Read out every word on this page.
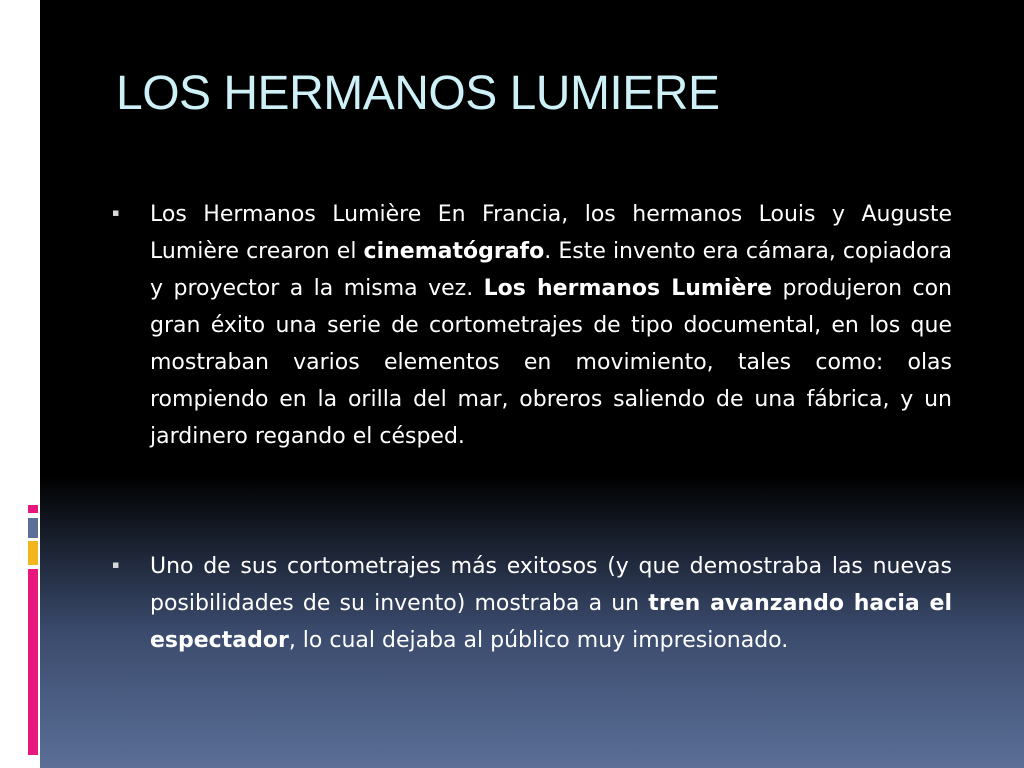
LOS HERMANOS LUMIERE
▪ Los Hermanos Lumière En Francia, los hermanos Louis y Auguste Lumière crearon el cinematógrafo. Este invento era cámara, copiadora y proyector a la misma vez. Los hermanos Lumière produjeron con gran éxito una serie de cortometrajes de tipo documental, en los que mostraban varios elementos en movimiento, tales como: olas rompiendo en la orilla del mar, obreros saliendo de una fábrica, y un jardinero regando el césped.

▪ Uno de sus cortometrajes más exitosos (y que demostraba las nuevas posibilidades de su invento) mostraba a un tren avanzando hacia el espectador, lo cual dejaba al público muy impresionado.
